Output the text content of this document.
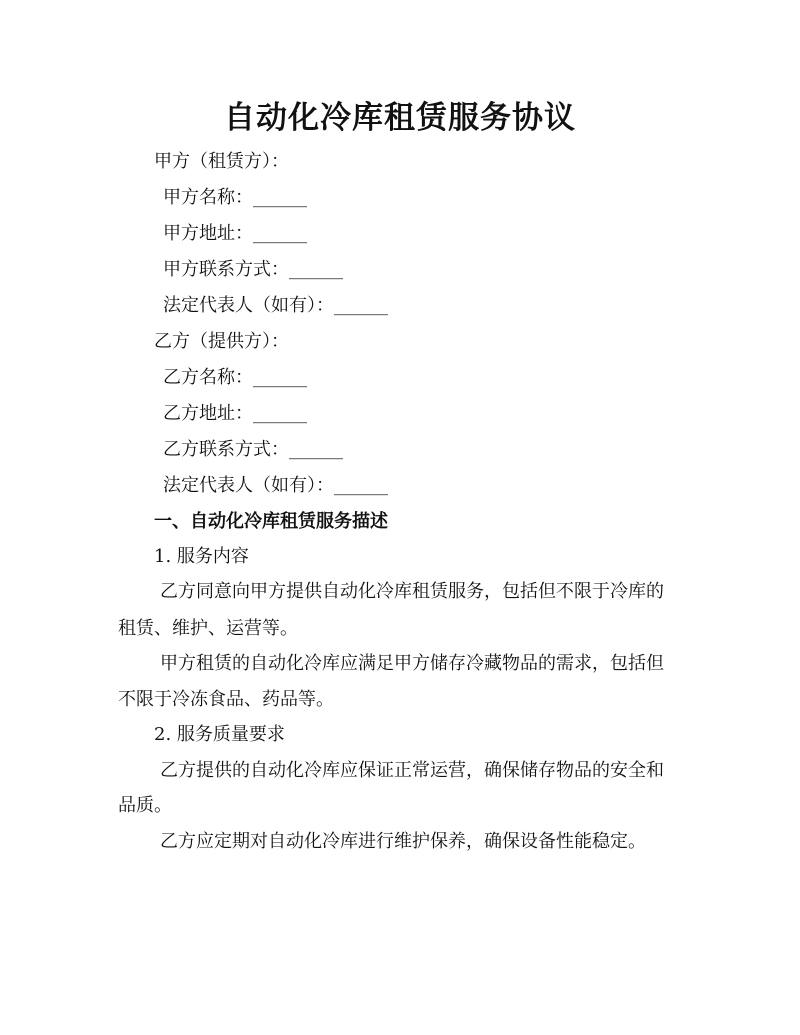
自动化冷库租赁服务协议
甲方（租赁方）：
甲方名称：______
甲方地址：______
甲方联系方式：______
法定代表人（如有）：______
乙方（提供方）：
乙方名称：______
乙方地址：______
乙方联系方式：______
法定代表人（如有）：______
一、自动化冷库租赁服务描述
1. 服务内容
乙方同意向甲方提供自动化冷库租赁服务，包括但不限于冷库的
租赁、维护、运营等。
甲方租赁的自动化冷库应满足甲方储存冷藏物品的需求，包括但
不限于冷冻食品、药品等。
2. 服务质量要求
乙方提供的自动化冷库应保证正常运营，确保储存物品的安全和
品质。
乙方应定期对自动化冷库进行维护保养，确保设备性能稳定。
